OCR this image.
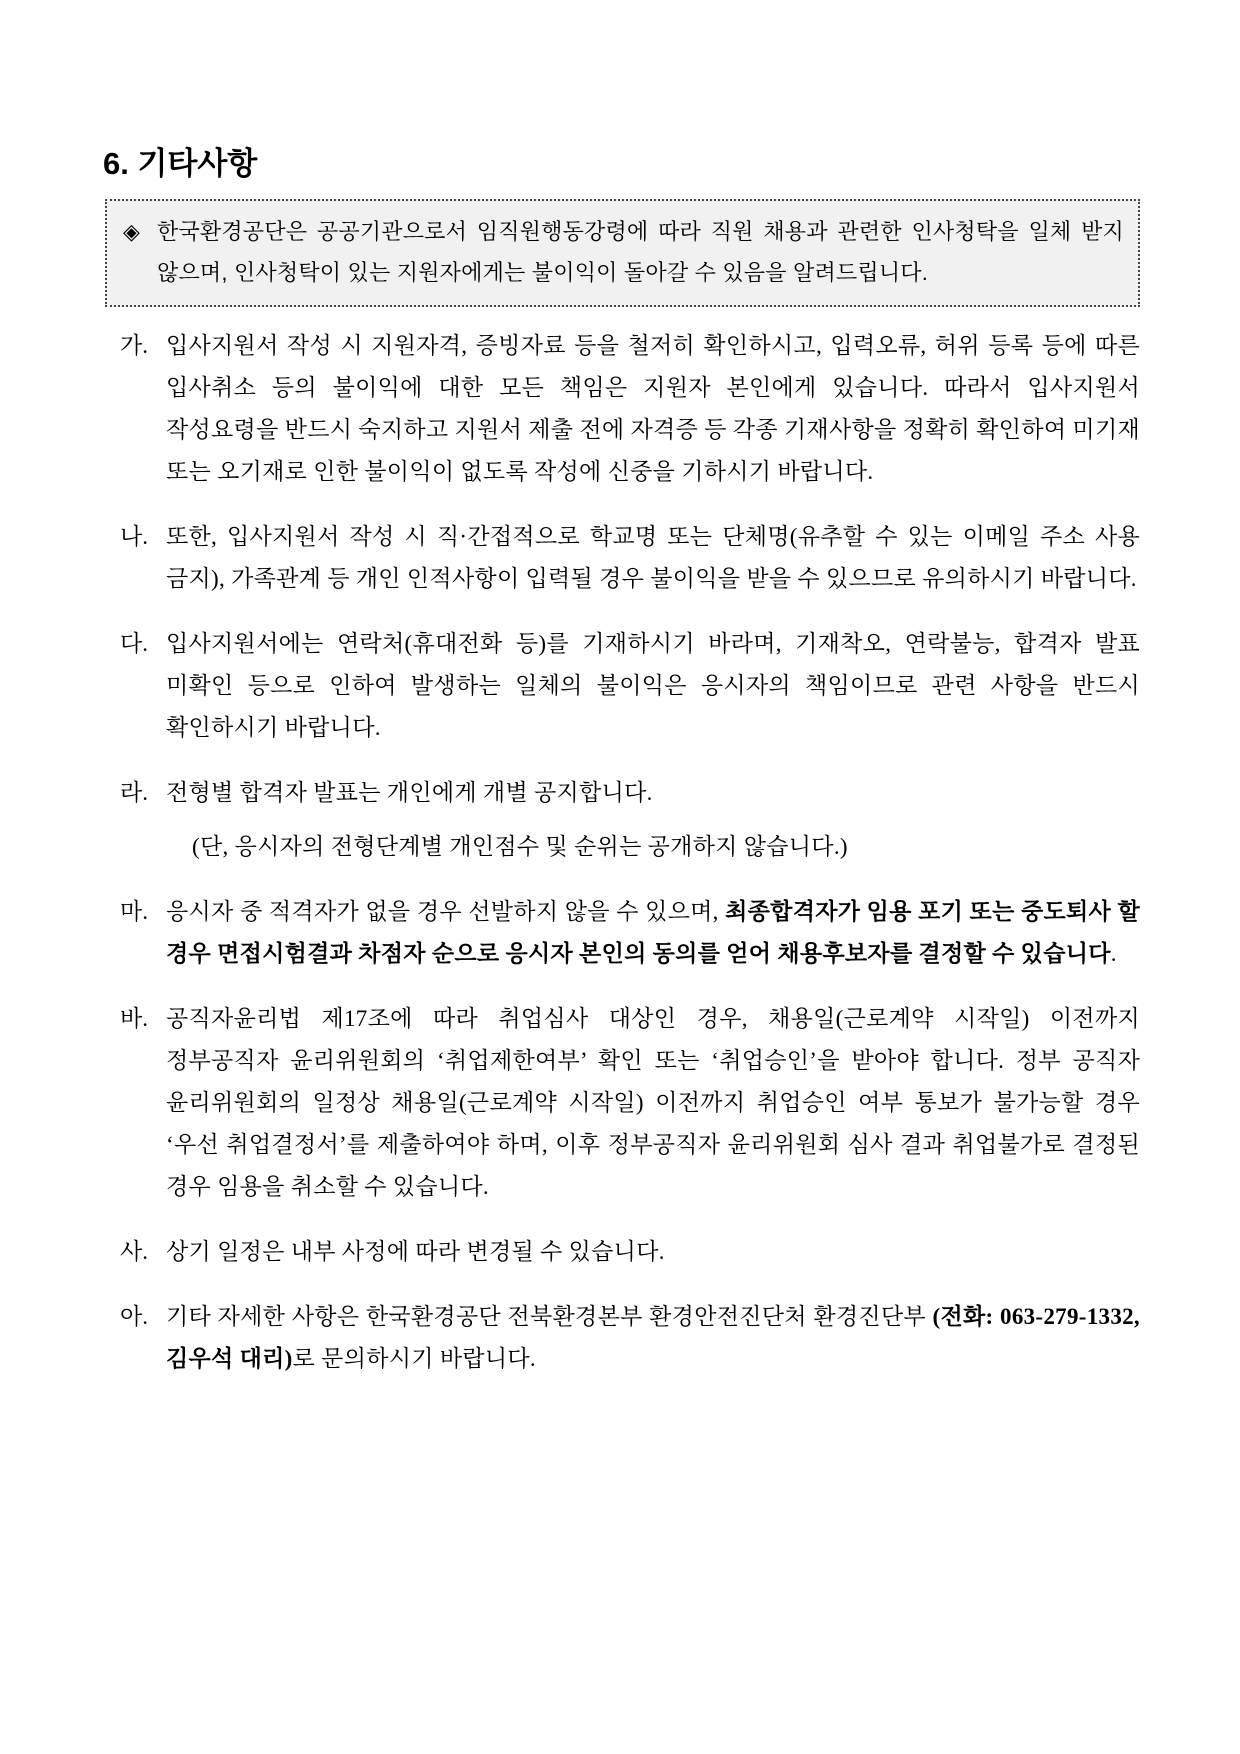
6. 기타사항
◈ 한국환경공단은 공공기관으로서 임직원행동강령에 따라 직원 채용과 관련한 인사청탁을 일체 받지 않으며, 인사청탁이 있는 지원자에게는 불이익이 돌아갈 수 있음을 알려드립니다.
가. 입사지원서 작성 시 지원자격, 증빙자료 등을 철저히 확인하시고, 입력오류, 허위 등록 등에 따른 입사취소 등의 불이익에 대한 모든 책임은 지원자 본인에게 있습니다. 따라서 입사지원서 작성요령을 반드시 숙지하고 지원서 제출 전에 자격증 등 각종 기재사항을 정확히 확인하여 미기재 또는 오기재로 인한 불이익이 없도록 작성에 신중을 기하시기 바랍니다.
나. 또한, 입사지원서 작성 시 직·간접적으로 학교명 또는 단체명(유추할 수 있는 이메일 주소 사용 금지), 가족관계 등 개인 인적사항이 입력될 경우 불이익을 받을 수 있으므로 유의하시기 바랍니다.
다. 입사지원서에는 연락처(휴대전화 등)를 기재하시기 바라며, 기재착오, 연락불능, 합격자 발표 미확인 등으로 인하여 발생하는 일체의 불이익은 응시자의 책임이므로 관련 사항을 반드시 확인하시기 바랍니다.
라. 전형별 합격자 발표는 개인에게 개별 공지합니다.
(단, 응시자의 전형단계별 개인점수 및 순위는 공개하지 않습니다.)
마. 응시자 중 적격자가 없을 경우 선발하지 않을 수 있으며, 최종합격자가 임용 포기 또는 중도퇴사 할 경우 면접시험결과 차점자 순으로 응시자 본인의 동의를 얻어 채용후보자를 결정할 수 있습니다.
바. 공직자윤리법 제17조에 따라 취업심사 대상인 경우, 채용일(근로계약 시작일) 이전까지 정부공직자 윤리위원회의 ‘취업제한여부’ 확인 또는 ‘취업승인’을 받아야 합니다. 정부 공직자 윤리위원회의 일정상 채용일(근로계약 시작일) 이전까지 취업승인 여부 통보가 불가능할 경우 ‘우선 취업결정서’를 제출하여야 하며, 이후 정부공직자 윤리위원회 심사 결과 취업불가로 결정된 경우 임용을 취소할 수 있습니다.
사. 상기 일정은 내부 사정에 따라 변경될 수 있습니다.
아. 기타 자세한 사항은 한국환경공단 전북환경본부 환경안전진단처 환경진단부 (전화: 063-279-1332, 김우석 대리)로 문의하시기 바랍니다.
